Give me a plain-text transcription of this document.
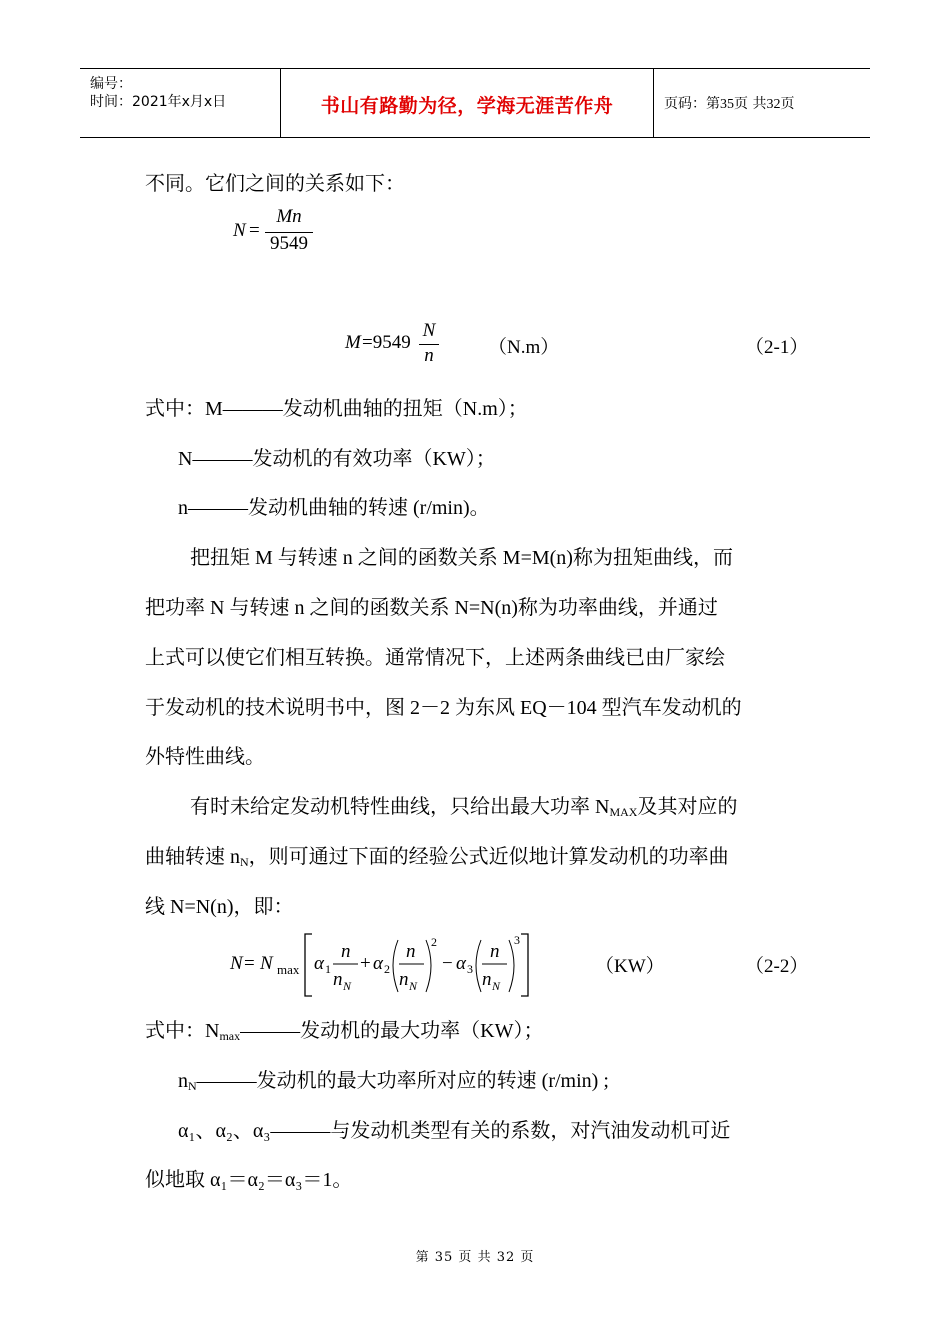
编号：
时间：2021年x月x日	书山有路勤为径，学海无涯苦作舟	页码：第35页 共32页
不同。它们之间的关系如下：
N =
Mn
9549
M =9549
N
n	（N.m）	（2-1）
式中：M———发动机曲轴的扭矩（N.m）；
N———发动机的有效功率（KW）；
n———发动机曲轴的转速 (r/min)。
把扭矩 M 与转速 n 之间的函数关系 M=M(n)称为扭矩曲线，而
把功率 N 与转速 n 之间的函数关系 N=N(n)称为功率曲线，并通过
上式可以使它们相互转换。通常情况下，上述两条曲线已由厂家绘
于发动机的技术说明书中，图 2－2 为东风 EQ－104 型汽车发动机的
外特性曲线。
有时未给定发动机特性曲线，只给出最大功率 $N_{MAX}$及其对应的
曲轴转速 $n_N$，则可通过下面的经验公式近似地计算发动机的功率曲
线 N=N(n)，即：
N = N max α 1
n
n N
+ α 2
n
n N
2
− α 3
n
n N
3
（KW）	（2-2）
式中：$N_{max}———$发动机的最大功率（KW）；
$n_N———$发动机的最大功率所对应的转速 (r/min) ;
α₁、α₂、α₃———与发动机类型有关的系数，对汽油发动机可近
似地取 α₁＝α₂＝α₃＝1。
第 35 页 共 32 页
